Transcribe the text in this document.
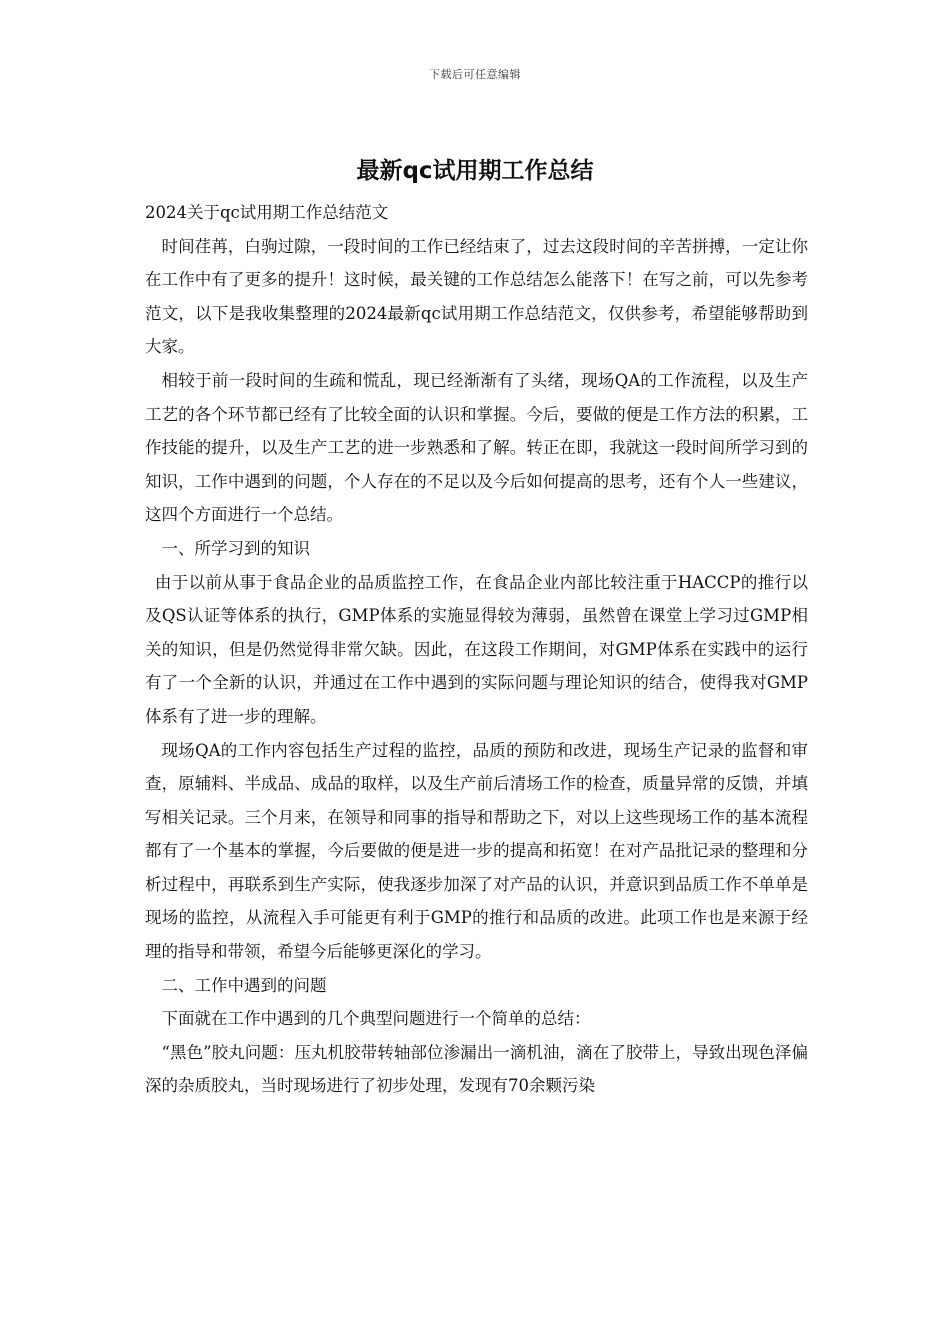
下载后可任意编辑
最新qc试用期工作总结

2024关于qc试用期工作总结范文

时间荏苒，白驹过隙，一段时间的工作已经结束了，过去这段时间的辛苦拼搏，一定让你在工作中有了更多的提升！这时候，最关键的工作总结怎么能落下！在写之前，可以先参考范文，以下是我收集整理的2024最新qc试用期工作总结范文，仅供参考，希望能够帮助到大家。

相较于前一段时间的生疏和慌乱，现已经渐渐有了头绪，现场QA的工作流程，以及生产工艺的各个环节都已经有了比较全面的认识和掌握。今后，要做的便是工作方法的积累，工作技能的提升，以及生产工艺的进一步熟悉和了解。转正在即，我就这一段时间所学习到的知识，工作中遇到的问题，个人存在的不足以及今后如何提高的思考，还有个人一些建议，这四个方面进行一个总结。

一、所学习到的知识

由于以前从事于食品企业的品质监控工作，在食品企业内部比较注重于HACCP的推行以及QS认证等体系的执行，GMP体系的实施显得较为薄弱，虽然曾在课堂上学习过GMP相关的知识，但是仍然觉得非常欠缺。因此，在这段工作期间，对GMP体系在实践中的运行有了一个全新的认识，并通过在工作中遇到的实际问题与理论知识的结合，使得我对GMP体系有了进一步的理解。

现场QA的工作内容包括生产过程的监控，品质的预防和改进，现场生产记录的监督和审查，原辅料、半成品、成品的取样，以及生产前后清场工作的检查，质量异常的反馈，并填写相关记录。三个月来，在领导和同事的指导和帮助之下，对以上这些现场工作的基本流程都有了一个基本的掌握，今后要做的便是进一步的提高和拓宽！在对产品批记录的整理和分析过程中，再联系到生产实际，使我逐步加深了对产品的认识，并意识到品质工作不单单是现场的监控，从流程入手可能更有利于GMP的推行和品质的改进。此项工作也是来源于经理的指导和带领，希望今后能够更深化的学习。

二、工作中遇到的问题

下面就在工作中遇到的几个典型问题进行一个简单的总结：

“黑色”胶丸问题：压丸机胶带转轴部位渗漏出一滴机油，滴在了胶带上，导致出现色泽偏深的杂质胶丸，当时现场进行了初步处理，发现有70余颗污染
